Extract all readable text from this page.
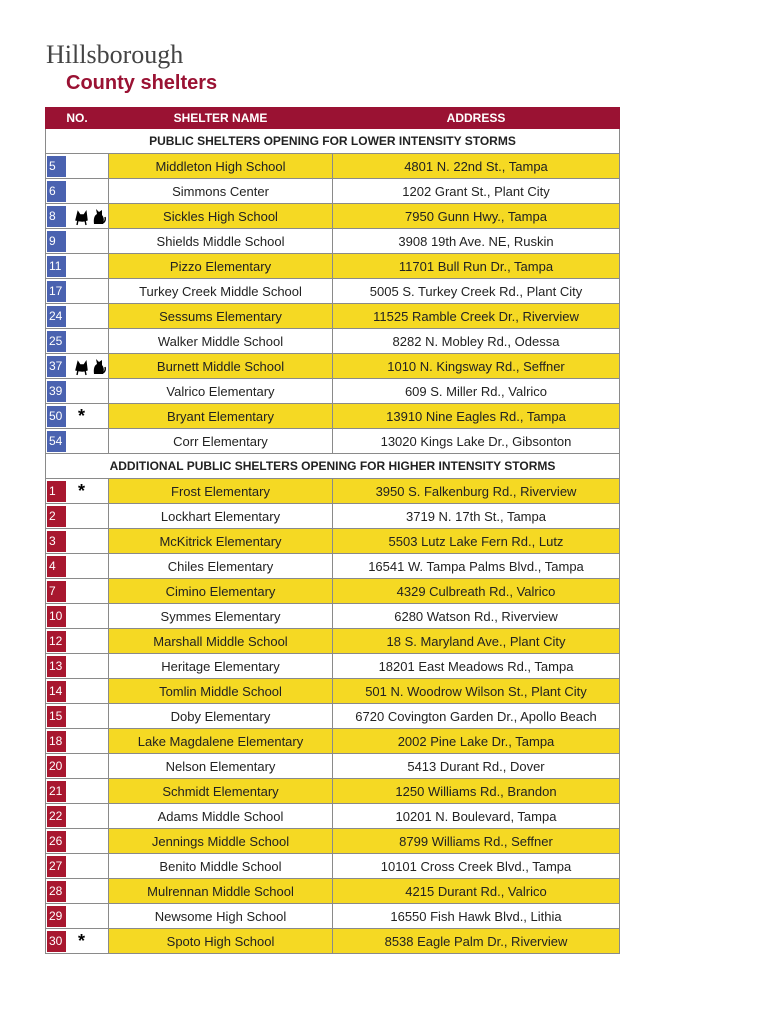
Hillsborough
County shelters
NO.	SHELTER NAME	ADDRESS
PUBLIC SHELTERS OPENING FOR LOWER INTENSITY STORMS		
5	Middleton High School	4801 N. 22nd St., Tampa
6	Simmons Center	1202 Grant St., Plant City
8	Sickles High School	7950 Gunn Hwy., Tampa
9	Shields Middle School	3908 19th Ave. NE, Ruskin
11	Pizzo Elementary	11701 Bull Run Dr., Tampa
17	Turkey Creek Middle School	5005 S. Turkey Creek Rd., Plant City
24	Sessums Elementary	11525 Ramble Creek Dr., Riverview
25	Walker Middle School	8282 N. Mobley Rd., Odessa
37	Burnett Middle School	1010 N. Kingsway Rd., Seffner
39	Valrico Elementary	609 S. Miller Rd., Valrico
50 *	Bryant Elementary	13910 Nine Eagles Rd., Tampa
54	Corr Elementary	13020 Kings Lake Dr., Gibsonton
ADDITIONAL PUBLIC SHELTERS OPENING FOR HIGHER INTENSITY STORMS		
1 *	Frost Elementary	3950 S. Falkenburg Rd., Riverview
2	Lockhart Elementary	3719 N. 17th St., Tampa
3	McKitrick Elementary	5503 Lutz Lake Fern Rd., Lutz
4	Chiles Elementary	16541 W. Tampa Palms Blvd., Tampa
7	Cimino Elementary	4329 Culbreath Rd., Valrico
10	Symmes Elementary	6280 Watson Rd., Riverview
12	Marshall Middle School	18 S. Maryland Ave., Plant City
13	Heritage Elementary	18201 East Meadows Rd., Tampa
14	Tomlin Middle School	501 N. Woodrow Wilson St., Plant City
15	Doby Elementary	6720 Covington Garden Dr., Apollo Beach
18	Lake Magdalene Elementary	2002 Pine Lake Dr., Tampa
20	Nelson Elementary	5413 Durant Rd., Dover
21	Schmidt Elementary	1250 Williams Rd., Brandon
22	Adams Middle School	10201 N. Boulevard, Tampa
26	Jennings Middle School	8799 Williams Rd., Seffner
27	Benito Middle School	10101 Cross Creek Blvd., Tampa
28	Mulrennan Middle School	4215 Durant Rd., Valrico
29	Newsome High School	16550 Fish Hawk Blvd., Lithia
30 *	Spoto High School	8538 Eagle Palm Dr., Riverview
